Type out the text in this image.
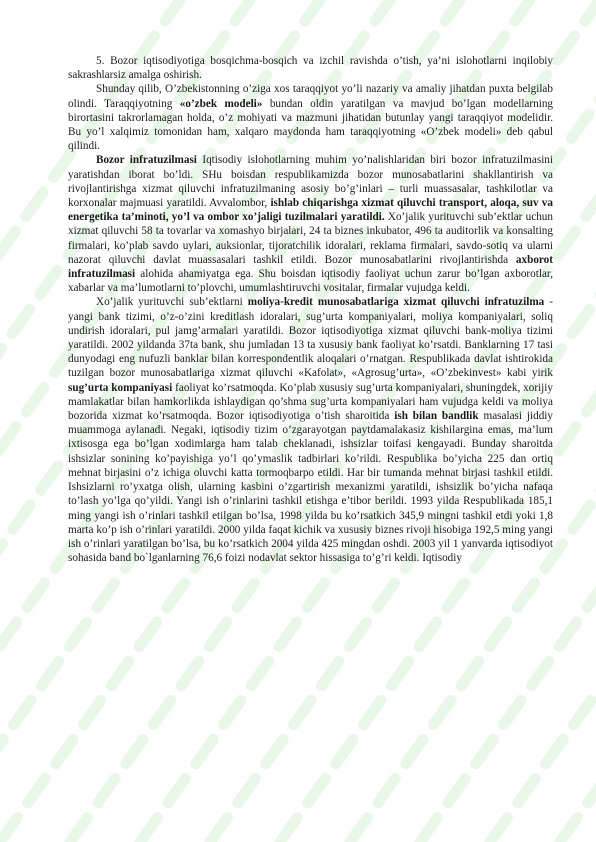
5. Bozor iqtisodiyotiga bosqichma-bosqich va izchil ravishda o’tish, ya’ni islohotlarni inqilobiy sakrashlarsiz amalga oshirish.

Shunday qilib, O’zbekistonning o’ziga xos taraqqiyot yo’li nazariy va amaliy jihatdan puxta belgilab olindi. Taraqqiyotning «o’zbek modeli» bundan oldin yaratilgan va mavjud bo’lgan modellarning birortasini takrorlamagan holda, o’z mohiyati va mazmuni jihatidan butunlay yangi taraqqiyot modelidir. Bu yo’l xalqimiz tomonidan ham, xalqaro maydonda ham taraqqiyotning «O’zbek modeli» deb qabul qilindi.

Bozor infratuzilmasi Iqtisodiy islohotlarning muhim yo’nalishlaridan biri bozor infratuzilmasini yaratishdan iborat bo’ldi. SHu boisdan respublikamizda bozor munosabatlarini shakllantirish va rivojlantirishga xizmat qiluvchi infratuzilmaning asosiy bo’g’inlari – turli muassasalar, tashkilotlar va korxonalar majmuasi yaratildi. Avvalombor, ishlab chiqarishga xizmat qiluvchi transport, aloqa, suv va energetika ta’minoti, yo’l va ombor xo’jaligi tuzilmalari yaratildi. Xo’jalik yurituvchi sub’ektlar uchun xizmat qiluvchi 58 ta tovarlar va xomashyo birjalari, 24 ta biznes inkubator, 496 ta auditorlik va konsalting firmalari, ko’plab savdo uylari, auksionlar, tijoratchilik idoralari, reklama firmalari, savdo-sotiq va ularni nazorat qiluvchi davlat muassasalari tashkil etildi. Bozor munosabatlarini rivojlantirishda axborot infratuzilmasi alohida ahamiyatga ega. Shu boisdan iqtisodiy faoliyat uchun zarur bo’lgan axborotlar, xabarlar va ma’lumotlarni to’plovchi, umumlashtiruvchi vositalar, firmalar vujudga keldi.

Xo’jalik yurituvchi sub’ektlarni moliya-kredit munosabatlariga xizmat qiluvchi infratuzilma - yangi bank tizimi, o’z-o’zini kreditlash idoralari, sug’urta kompaniyalari, moliya kompaniyalari, soliq undirish idoralari, pul jamg’armalari yaratildi. Bozor iqtisodiyotiga xizmat qiluvchi bank-moliya tizimi yaratildi. 2002 yildanda 37ta bank, shu jumladan 13 ta xususiy bank faoliyat ko’rsatdi. Banklarning 17 tasi dunyodagi eng nufuzli banklar bilan korrespondentlik aloqalari o’rnatgan. Respublikada davlat ishtirokida tuzilgan bozor munosabatlariga xizmat qiluvchi «Kafolat», «Agrosug’urta», «O’zbekinvest» kabi yirik sug’urta kompaniyasi faoliyat ko’rsatmoqda. Ko’plab xususiy sug’urta kompaniyalari, shuningdek, xorijiy mamlakatlar bilan hamkorlikda ishlaydigan qo’shma sug’urta kompaniyalari ham vujudga keldi va moliya bozorida xizmat ko’rsatmoqda. Bozor iqtisodiyotiga o’tish sharoitida ish bilan bandlik masalasi jiddiy muammoga aylanadi. Negaki, iqtisodiy tizim o’zgarayotgan paytdamalakasiz kishilargina emas, ma’lum ixtisosga ega bo’lgan xodimlarga ham talab cheklanadi, ishsizlar toifasi kengayadi. Bunday sharoitda ishsizlar sonining ko’payishiga yo’l qo’ymaslik tadbirlari ko’rildi. Respublika bo’yicha 225 dan ortiq mehnat birjasini o’z ichiga oluvchi katta tormoqbarpo etildi. Har bir tumanda mehnat birjasi tashkil etildi. Ishsizlarni ro’yxatga olish, ularning kasbini o’zgartirish mexanizmi yaratildi, ishsizlik bo’yicha nafaqa to’lash yo’lga qo’yildi. Yangi ish o’rinlarini tashkil etishga e’tibor berildi. 1993 yilda Respublikada 185,1 ming yangi ish o’rinlari tashkil etilgan bo’lsa, 1998 yilda bu ko’rsatkich 345,9 mingni tashkil etdi yoki 1,8 marta ko’p ish o’rinlari yaratildi. 2000 yilda faqat kichik va xususiy biznes rivoji hisobiga 192,5 ming yangi ish o’rinlari yaratilgan bo’lsa, bu ko’rsatkich 2004 yilda 425 mingdan oshdi. 2003 yil 1 yanvarda iqtisodiyot sohasida band bo`lganlarning 76,6 foizi nodavlat sektor hissasiga to’g’ri keldi. Iqtisodiy
